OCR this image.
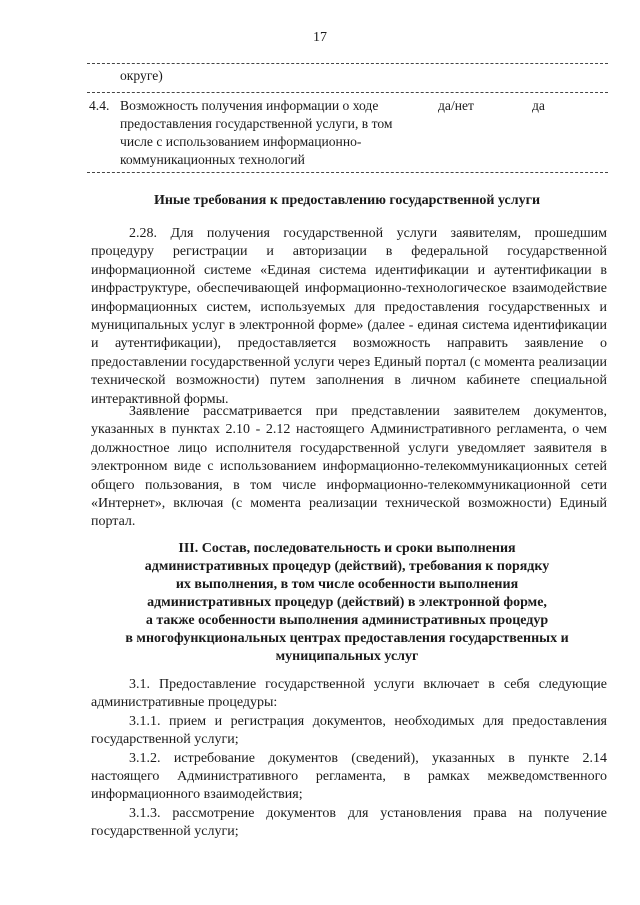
17
округе)
4.4. Возможность получения информации о ходе предоставления государственной услуги, в том числе с использованием информационно-коммуникационных технологий
да/нет	да
Иные требования к предоставлению государственной услуги

2.28. Для получения государственной услуги заявителям, прошедшим процедуру регистрации и авторизации в федеральной государственной информационной системе «Единая система идентификации и аутентификации в инфраструктуре, обеспечивающей информационно-технологическое взаимодействие информационных систем, используемых для предоставления государственных и муниципальных услуг в электронной форме» (далее - единая система идентификации и аутентификации), предоставляется возможность направить заявление о предоставлении государственной услуги через Единый портал (с момента реализации технической возможности) путем заполнения в личном кабинете специальной интерактивной формы.

Заявление рассматривается при представлении заявителем документов, указанных в пунктах 2.10 - 2.12 настоящего Административного регламента, о чем должностное лицо исполнителя государственной услуги уведомляет заявителя в электронном виде с использованием информационно-телекоммуникационных сетей общего пользования, в том числе информационно-телекоммуникационной сети «Интернет», включая (с момента реализации технической возможности) Единый портал.

III. Состав, последовательность и сроки выполнения
административных процедур (действий), требования к порядку
их выполнения, в том числе особенности выполнения
административных процедур (действий) в электронной форме,
а также особенности выполнения административных процедур
в многофункциональных центрах предоставления государственных и
муниципальных услуг

3.1. Предоставление государственной услуги включает в себя следующие административные процедуры:

3.1.1. прием и регистрация документов, необходимых для предоставления государственной услуги;

3.1.2. истребование документов (сведений), указанных в пункте 2.14 настоящего Административного регламента, в рамках межведомственного информационного взаимодействия;

3.1.3. рассмотрение документов для установления права на получение государственной услуги;
